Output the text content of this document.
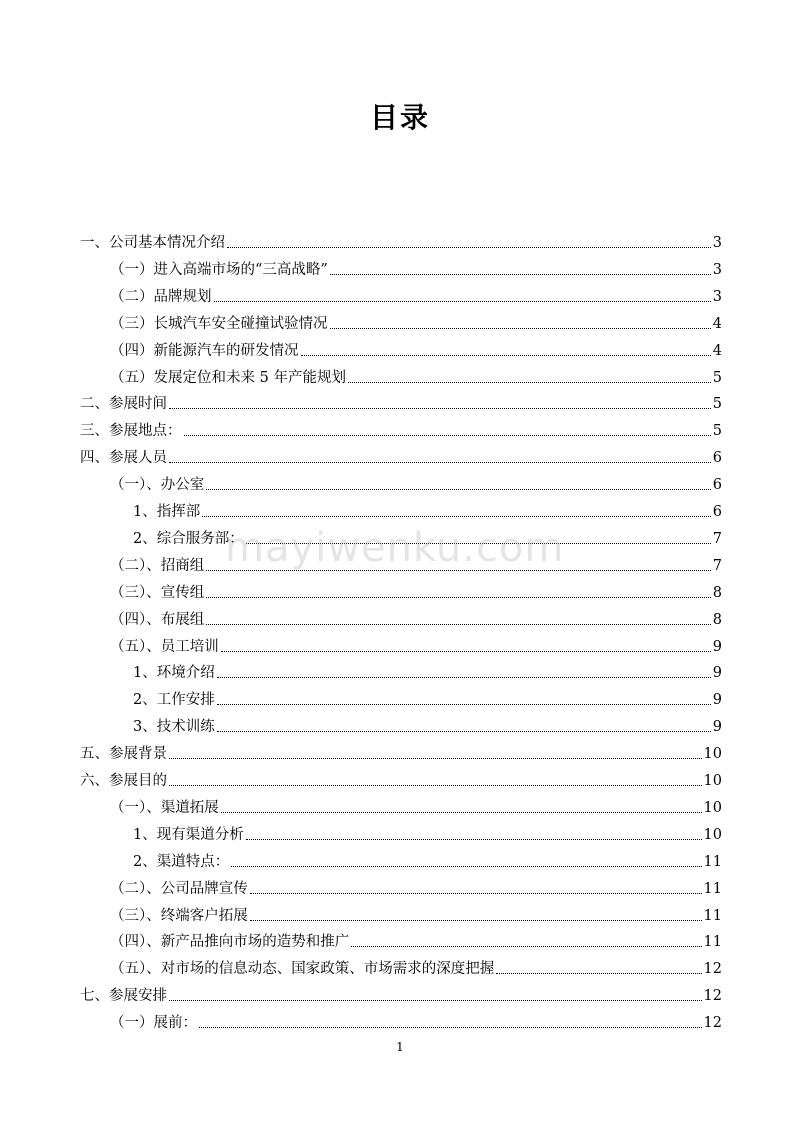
目录
一、公司基本情况介绍	3
（一）进入高端市场的“三高战略”	3
（二）品牌规划	3
（三）长城汽车安全碰撞试验情况	4
（四）新能源汽车的研发情况	4
（五）发展定位和未来 5 年产能规划	5
二、参展时间	5
三、参展地点：	5
四、参展人员	6
（一）、办公室	6
1、指挥部	6
2、综合服务部：	7
（二）、招商组	7
（三）、宣传组	8
（四）、布展组	8
（五）、员工培训	9
1、环境介绍	9
2、工作安排	9
3、技术训练	9
五、参展背景	10
六、参展目的	10
（一）、渠道拓展	10
1、现有渠道分析	10
2、渠道特点：	11
（二）、公司品牌宣传	11
（三）、终端客户拓展	11
（四）、新产品推向市场的造势和推广	11
（五）、对市场的信息动态、国家政策、市场需求的深度把握	12
七、参展安排	12
（一）展前：	12
mayiwenku.com
1
